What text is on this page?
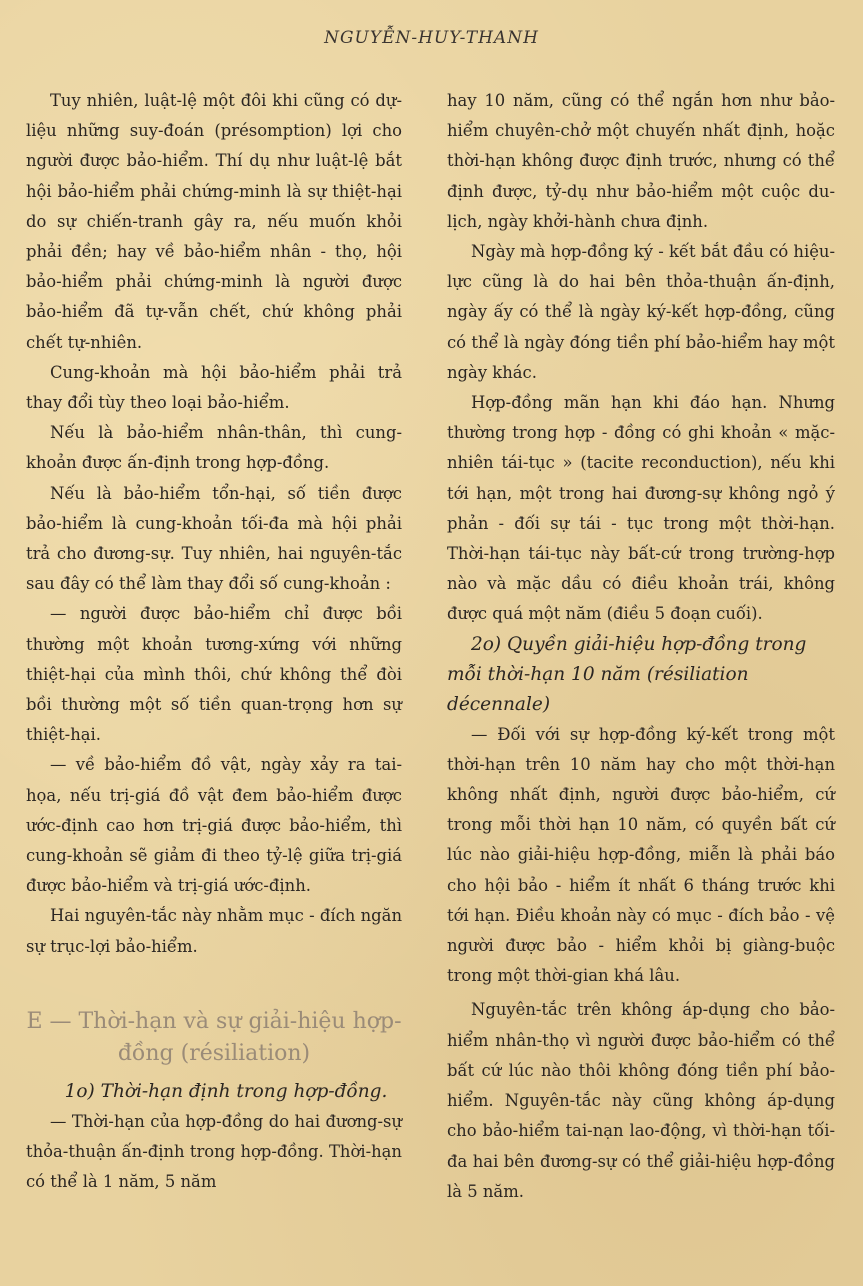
NGUYỄN-HUY-THANH

Tuy nhiên, luật-lệ một đôi khi cũng có dự-liệu những suy-đoán (présomption) lợi cho người được bảo-hiểm. Thí dụ như luật-lệ bắt hội bảo-hiểm phải chứng-minh là sự thiệt-hại do sự chiến-tranh gây ra, nếu muốn khỏi phải đền; hay về bảo-hiểm nhân - thọ, hội bảo-hiểm phải chứng-minh là người được bảo-hiểm đã tự-vẫn chết, chứ không phải chết tự-nhiên.

Cung-khoản mà hội bảo-hiểm phải trả thay đổi tùy theo loại bảo-hiểm.

Nếu là bảo-hiểm nhân-thân, thì cung-khoản được ấn-định trong hợp-đồng.

Nếu là bảo-hiểm tổn-hại, số tiền được bảo-hiểm là cung-khoản tối-đa mà hội phải trả cho đương-sự. Tuy nhiên, hai nguyên-tắc sau đây có thể làm thay đổi số cung-khoản :

— người được bảo-hiểm chỉ được bồi thường một khoản tương-xứng với những thiệt-hại của mình thôi, chứ không thể đòi bồi thường một số tiền quan-trọng hơn sự thiệt-hại.

— về bảo-hiểm đồ vật, ngày xảy ra tai-họa, nếu trị-giá đồ vật đem bảo-hiểm được ước-định cao hơn trị-giá được bảo-hiểm, thì cung-khoản sẽ giảm đi theo tỷ-lệ giữa trị-giá được bảo-hiểm và trị-giá ước-định.

Hai nguyên-tắc này nhằm mục - đích ngăn sự trục-lợi bảo-hiểm.

E — Thời-hạn và sự giải-hiệu hợp-đồng (résiliation)

1o) Thời-hạn định trong hợp-đồng.

— Thời-hạn của hợp-đồng do hai đương-sự thỏa-thuận ấn-định trong hợp-đồng. Thời-hạn có thể là 1 năm, 5 năm

hay 10 năm, cũng có thể ngắn hơn như bảo-hiểm chuyên-chở một chuyến nhất định, hoặc thời-hạn không được định trước, nhưng có thể định được, tỷ-dụ như bảo-hiểm một cuộc du-lịch, ngày khởi-hành chưa định.

Ngày mà hợp-đồng ký - kết bắt đầu có hiệu-lực cũng là do hai bên thỏa-thuận ấn-định, ngày ấy có thể là ngày ký-kết hợp-đồng, cũng có thể là ngày đóng tiền phí bảo-hiểm hay một ngày khác.

Hợp-đồng mãn hạn khi đáo hạn. Nhưng thường trong hợp - đồng có ghi khoản « mặc-nhiên tái-tục » (tacite reconduction), nếu khi tới hạn, một trong hai đương-sự không ngỏ ý phản - đối sự tái - tục trong một thời-hạn. Thời-hạn tái-tục này bất-cứ trong trường-hợp nào và mặc dầu có điều khoản trái, không được quá một năm (điều 5 đoạn cuối).

2o) Quyền giải-hiệu hợp-đồng trong mỗi thời-hạn 10 năm (résiliation décennale)

— Đối với sự hợp-đồng ký-kết trong một thời-hạn trên 10 năm hay cho một thời-hạn không nhất định, người được bảo-hiểm, cứ trong mỗi thời hạn 10 năm, có quyền bất cứ lúc nào giải-hiệu hợp-đồng, miễn là phải báo cho hội bảo - hiểm ít nhất 6 tháng trước khi tới hạn. Điều khoản này có mục - đích bảo - vệ người được bảo - hiểm khỏi bị giàng-buộc trong một thời-gian khá lâu.

Nguyên-tắc trên không áp-dụng cho bảo-hiểm nhân-thọ vì người được bảo-hiểm có thể bất cứ lúc nào thôi không đóng tiền phí bảo-hiểm. Nguyên-tắc này cũng không áp-dụng cho bảo-hiểm tai-nạn lao-động, vì thời-hạn tối-đa hai bên đương-sự có thể giải-hiệu hợp-đồng là 5 năm.
